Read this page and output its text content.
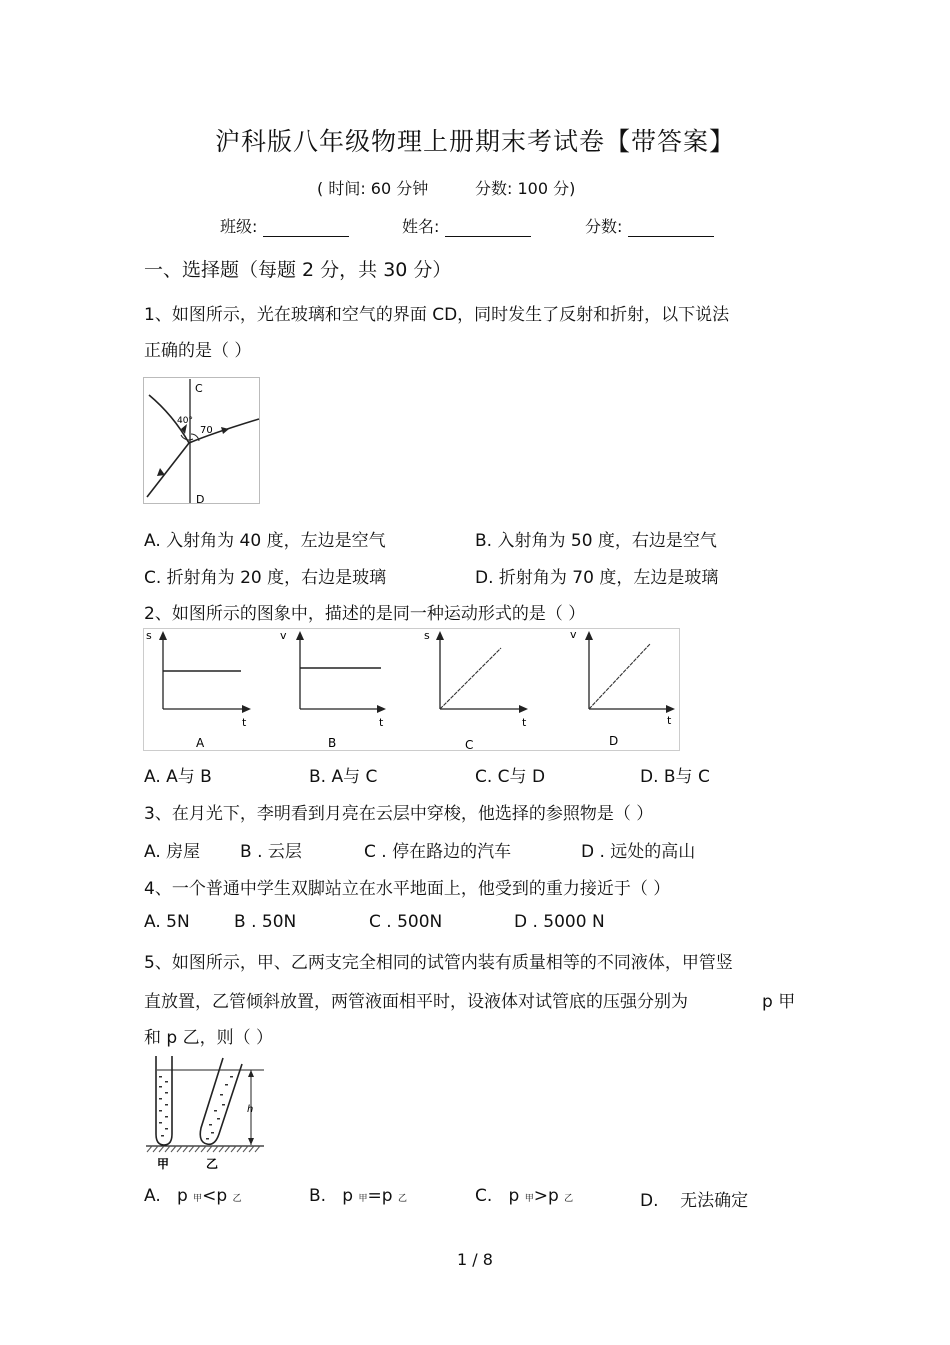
沪科版八年级物理上册期末考试卷【带答案】
( 时间: 60 分钟	分数: 100 分)
班级:	姓名:	分数:
一、选择题（每题 2 分，共 30 分）
1、如图所示，光在玻璃和空气的界面 CD，同时发生了反射和折射，以下说法
正确的是（ ）
C
D
40°
70
A. 入射角为 40 度，左边是空气	B. 入射角为 50 度，右边是空气
C. 折射角为 20 度，右边是玻璃	D. 折射角为 70 度，左边是玻璃
2、如图所示的图象中，描述的是同一种运动形式的是（ ）
s
t
A
v
t
B
s
t
C
v
t
D
A. A与 B	B. A与 C	C. C与 D	D. B与 C
3、在月光下，李明看到月亮在云层中穿梭，他选择的参照物是（ ）
A. 房屋 B . 云层	C . 停在路边的汽车	D . 远处的高山
4、一个普通中学生双脚站立在水平地面上，他受到的重力接近于（ ）
A. 5N	B . 50N	C . 500N	D . 5000 N
5、如图所示，甲、乙两支完全相同的试管内装有质量相等的不同液体，甲管竖
直放置，乙管倾斜放置，两管液面相平时，设液体对试管底的压强分别为	p 甲
和 p 乙，则（ ）
h
甲	乙
A. p 甲<p 乙	B. p 甲=p 乙	C. p 甲>p 乙	D. 无法确定
1 / 8
